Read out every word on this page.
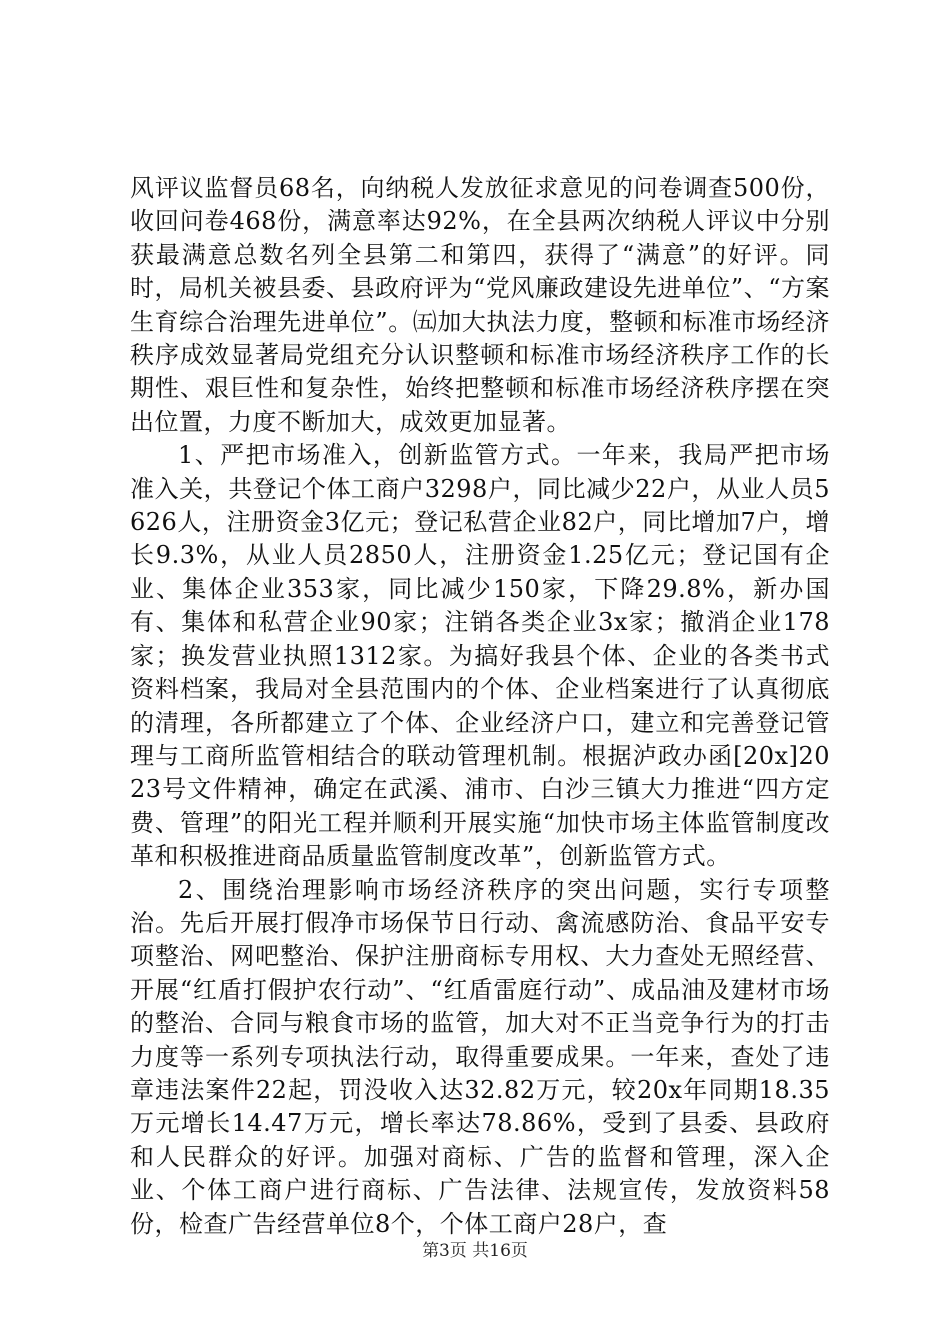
风评议监督员68名，向纳税人发放征求意见的问卷调查500份，收回问卷468份，满意率达92%，在全县两次纳税人评议中分别获最满意总数名列全县第二和第四，获得了“满意”的好评。同时，局机关被县委、县政府评为“党风廉政建设先进单位”、“方案生育综合治理先进单位”。㈤加大执法力度，整顿和标准市场经济秩序成效显著局党组充分认识整顿和标准市场经济秩序工作的长期性、艰巨性和复杂性，始终把整顿和标准市场经济秩序摆在突出位置，力度不断加大，成效更加显著。

1、严把市场准入，创新监管方式。一年来，我局严把市场准入关，共登记个体工商户3298户，同比减少22户，从业人员5626人，注册资金3亿元；登记私营企业82户，同比增加7户，增长9.3%，从业人员2850人，注册资金1.25亿元；登记国有企业、集体企业353家，同比减少150家，下降29.8%，新办国有、集体和私营企业90家；注销各类企业3x家；撤消企业178家；换发营业执照1312家。为搞好我县个体、企业的各类书式资料档案，我局对全县范围内的个体、企业档案进行了认真彻底的清理，各所都建立了个体、企业经济户口，建立和完善登记管理与工商所监管相结合的联动管理机制。根据泸政办函[20x]2023号文件精神，确定在武溪、浦市、白沙三镇大力推进“四方定费、管理”的阳光工程并顺利开展实施“加快市场主体监管制度改革和积极推进商品质量监管制度改革”，创新监管方式。

2、围绕治理影响市场经济秩序的突出问题，实行专项整治。先后开展打假净市场保节日行动、禽流感防治、食品平安专项整治、网吧整治、保护注册商标专用权、大力查处无照经营、开展“红盾打假护农行动”、“红盾雷庭行动”、成品油及建材市场的整治、合同与粮食市场的监管，加大对不正当竞争行为的打击力度等一系列专项执法行动，取得重要成果。一年来，查处了违章违法案件22起，罚没收入达32.82万元，较20x年同期18.35万元增长14.47万元，增长率达78.86%，受到了县委、县政府和人民群众的好评。加强对商标、广告的监督和管理，深入企业、个体工商户进行商标、广告法律、法规宣传，发放资料58份，检查广告经营单位8个，个体工商户28户，查

第3页 共16页
